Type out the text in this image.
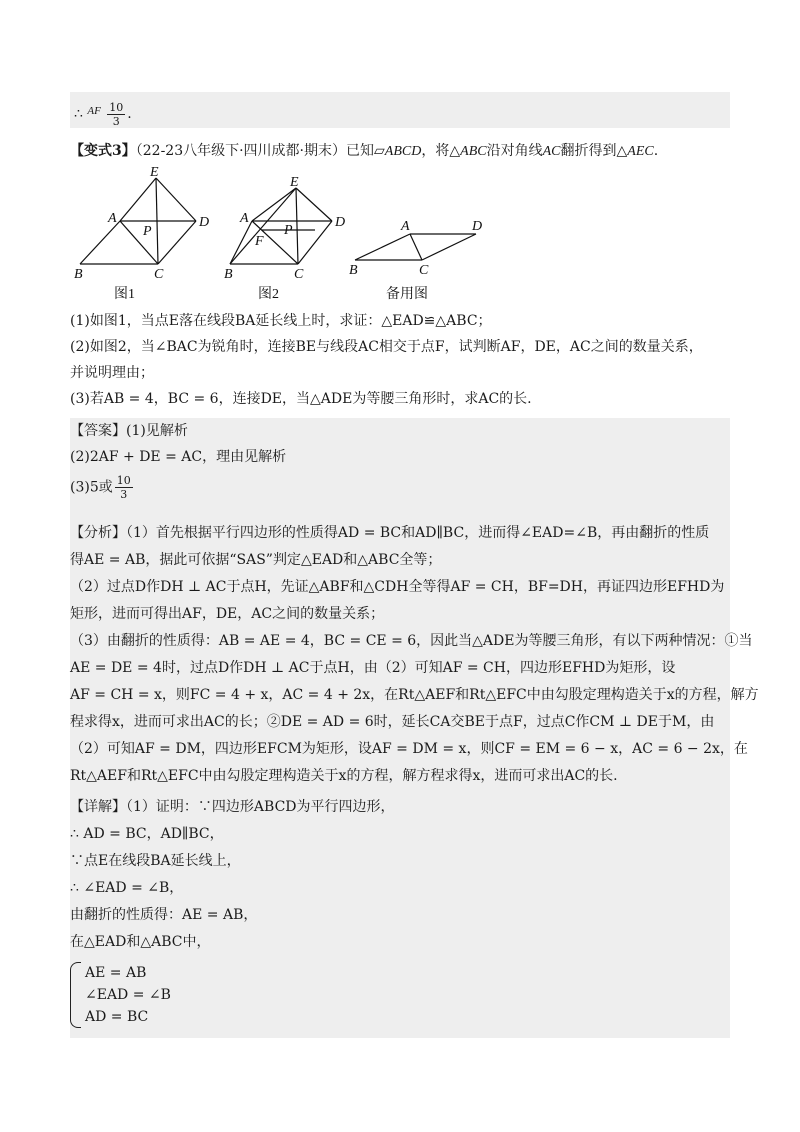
∴ $^{AF} \frac{10}{3}$ .
【变式3】（22-23八年级下·四川成都·期末）已知▱ABCD，将△ABC沿对角线AC翻折得到△AEC.
E
A	D
P
B	C
图1
E
A	D
P
F
B	C
图2
A	D
B	C
备用图
(1)如图1，当点E落在线段BA延长线上时，求证：△EAD≌△ABC；
(2)如图2，当∠BAC为锐角时，连接BE与线段AC相交于点F，试判断AF，DE，AC之间的数量关系，
并说明理由；
(3)若AB = 4，BC = 6，连接DE，当△ADE为等腰三角形时，求AC的长.
【答案】(1)见解析
(2)2AF + DE = AC，理由见解析
(3)5或 $\frac{10}{3}$
【分析】（1）首先根据平行四边形的性质得AD = BC和AD∥BC，进而得∠EAD=∠B，再由翻折的性质
得AE = AB，据此可依据“SAS”判定△EAD和△ABC全等；
（2）过点D作DH ⊥ AC于点H，先证△ABF和△CDH全等得AF = CH，BF=DH，再证四边形EFHD为
矩形，进而可得出AF，DE，AC之间的数量关系；
（3）由翻折的性质得：AB = AE = 4，BC = CE = 6，因此当△ADE为等腰三角形，有以下两种情况：①当
AE = DE = 4时，过点D作DH ⊥ AC于点H，由（2）可知AF = CH，四边形EFHD为矩形，设
AF = CH = x，则FC = 4 + x，AC = 4 + 2x，在Rt△AEF和Rt△EFC中由勾股定理构造关于x的方程，解方
程求得x，进而可求出AC的长；②DE = AD = 6时，延长CA交BE于点F，过点C作CM ⊥ DE于M，由
（2）可知AF = DM，四边形EFCM为矩形，设AF = DM = x，则CF = EM = 6 − x，AC = 6 − 2x，在
Rt△AEF和Rt△EFC中由勾股定理构造关于x的方程，解方程求得x，进而可求出AC的长.
【详解】（1）证明：∵四边形ABCD为平行四边形，
∴ AD = BC，AD∥BC，
∵点E在线段BA延长线上，
∴ ∠EAD = ∠B，
由翻折的性质得：AE = AB，
在△EAD和△ABC中，
AE = AB
∠EAD = ∠B
AD = BC
